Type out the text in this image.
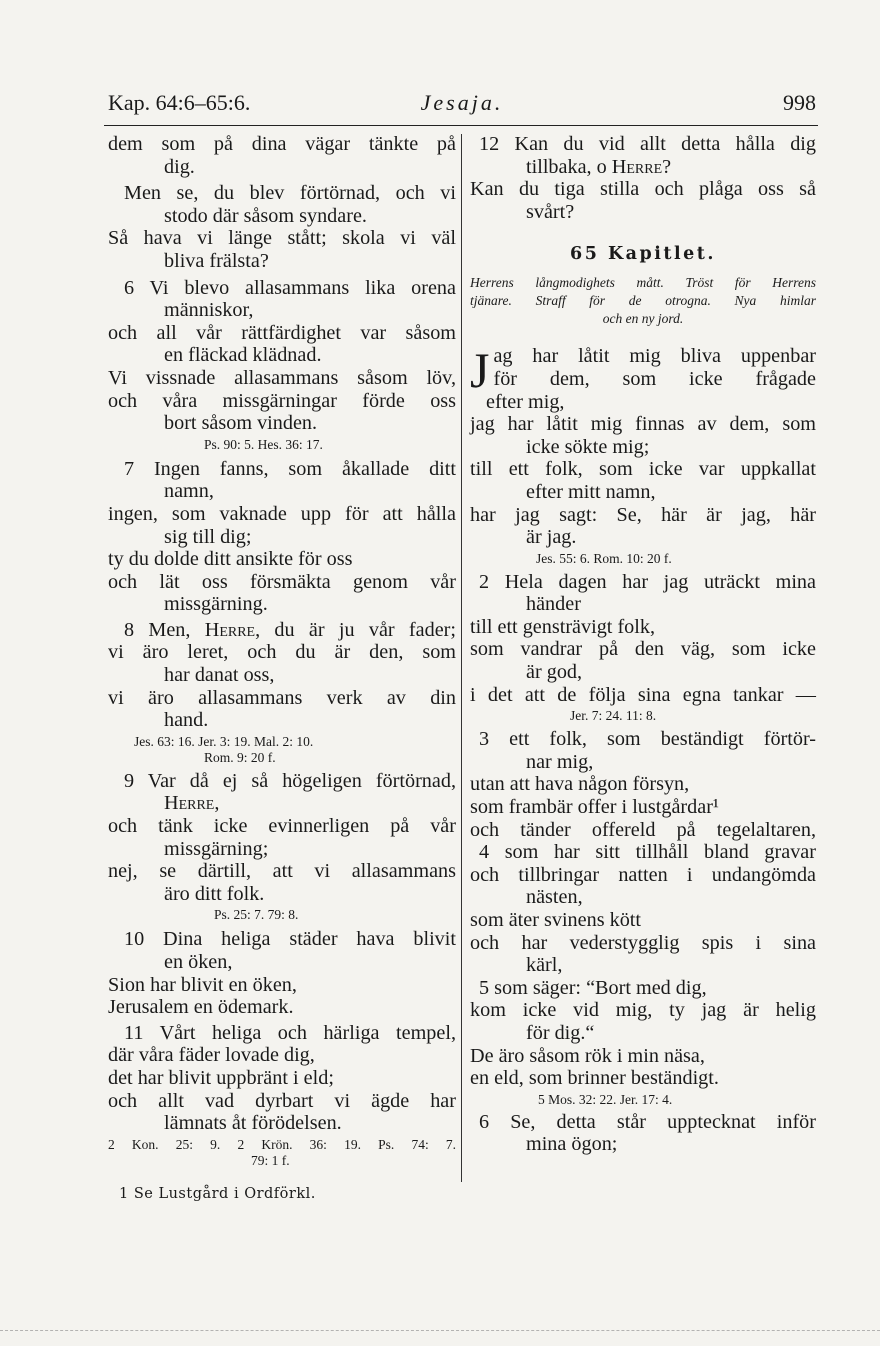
Jesaja.
Kap. 64:6–65:6.	998
dem som på dina vägar tänkte på
dig.
Men se, du blev förtörnad, och vi
stodo där såsom syndare.
Så hava vi länge stått; skola vi väl
bliva frälsta?
6 Vi blevo allasammans lika orena
människor,
och all vår rättfärdighet var såsom
en fläckad klädnad.
Vi vissnade allasammans såsom löv,
och våra missgärningar förde oss
bort såsom vinden.
Ps. 90: 5. Hes. 36: 17.
7 Ingen fanns, som åkallade ditt
namn,
ingen, som vaknade upp för att hålla
sig till dig;
ty du dolde ditt ansikte för oss
och lät oss försmäkta genom vår
missgärning.
8 Men, Herre, du är ju vår fader;
vi äro leret, och du är den, som
har danat oss,
vi äro allasammans verk av din
hand.
Jes. 63: 16. Jer. 3: 19. Mal. 2: 10.
Rom. 9: 20 f.
9 Var då ej så högeligen förtörnad,
Herre,
och tänk icke evinnerligen på vår
missgärning;
nej, se därtill, att vi allasammans
äro ditt folk.
Ps. 25: 7. 79: 8.
10 Dina heliga städer hava blivit
en öken,
Sion har blivit en öken,
Jerusalem en ödemark.
11 Vårt heliga och härliga tempel,
där våra fäder lovade dig,
det har blivit uppbränt i eld;
och allt vad dyrbart vi ägde har
lämnats åt förödelsen.
2 Kon. 25: 9. 2 Krön. 36: 19. Ps. 74: 7.
79: 1 f.
12 Kan du vid allt detta hålla dig
tillbaka, o Herre?
Kan du tiga stilla och plåga oss så
svårt?
65 Kapitlet.
Herrens långmodighets mått. Tröst för Herrens
tjänare. Straff för de otrogna. Nya himlar
och en ny jord.
J ag har låtit mig bliva uppenbar
för dem, som icke frågade
efter mig,
jag har låtit mig finnas av dem, som
icke sökte mig;
till ett folk, som icke var uppkallat
efter mitt namn,
har jag sagt: Se, här är jag, här
är jag.
Jes. 55: 6. Rom. 10: 20 f.
2 Hela dagen har jag uträckt mina
händer
till ett gensträvigt folk,
som vandrar på den väg, som icke
är god,
i det att de följa sina egna tankar —
Jer. 7: 24. 11: 8.
3 ett folk, som beständigt förtör-
nar mig,
utan att hava någon försyn,
som frambär offer i lustgårdar¹
och tänder offereld på tegelaltaren,
4 som har sitt tillhåll bland gravar
och tillbringar natten i undangömda
nästen,
som äter svinens kött
och har vederstygglig spis i sina
kärl,
5 som säger: “Bort med dig,
kom icke vid mig, ty jag är helig
för dig.“
De äro såsom rök i min näsa,
en eld, som brinner beständigt.
5 Mos. 32: 22. Jer. 17: 4.
6 Se, detta står upptecknat inför
mina ögon;
1 Se Lustgård i Ordförkl.
